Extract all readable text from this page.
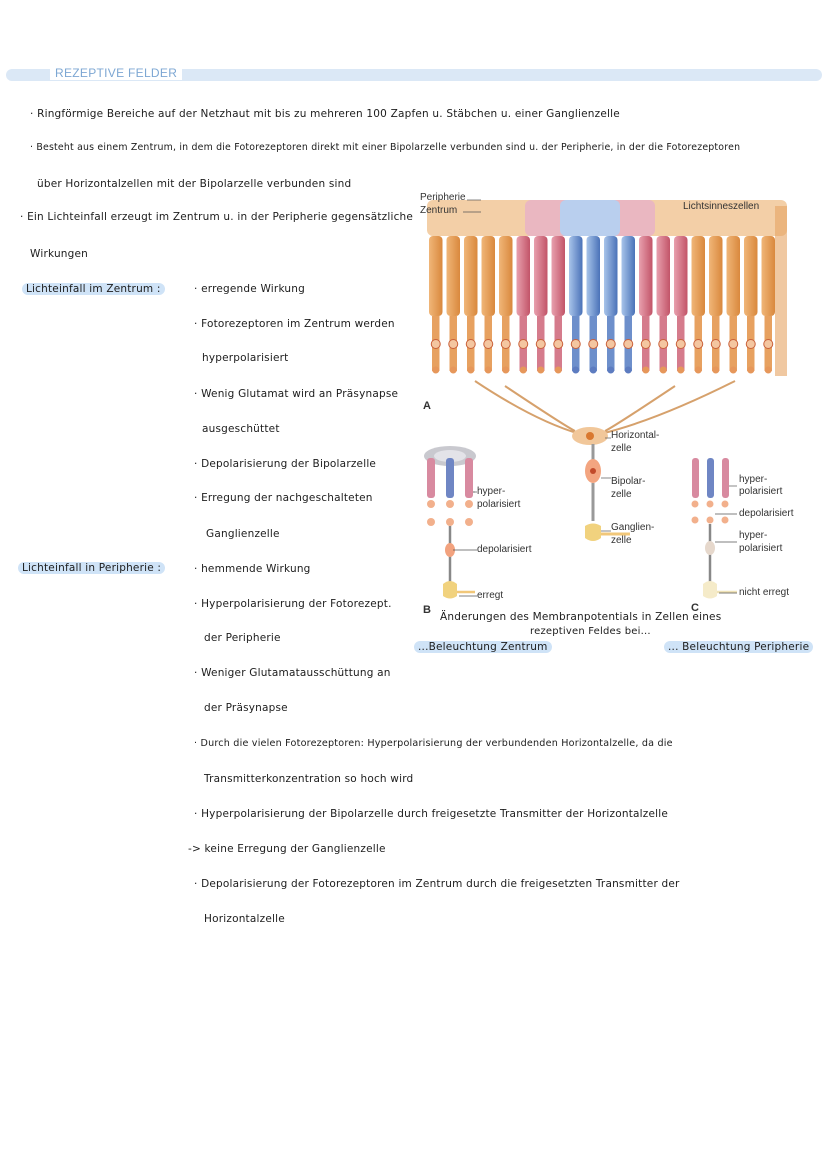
REZEPTIVE FELDER
· Ringförmige Bereiche auf der Netzhaut mit bis zu mehreren 100 Zapfen u. Stäbchen u. einer Ganglienzelle
· Besteht aus einem Zentrum, in dem die Fotorezeptoren direkt mit einer Bipolarzelle verbunden sind u. der Peripherie, in der die Fotorezeptoren
über Horizontalzellen mit der Bipolarzelle verbunden sind
· Ein Lichteinfall erzeugt im Zentrum u. in der Peripherie gegensätzliche
Wirkungen
Lichteinfall im Zentrum :	· erregende Wirkung
· Fotorezeptoren im Zentrum werden
hyperpolarisiert
· Wenig Glutamat wird an Präsynapse
ausgeschüttet
· Depolarisierung der Bipolarzelle
· Erregung der nachgeschalteten
Ganglienzelle
Lichteinfall in Peripherie :	· hemmende Wirkung
· Hyperpolarisierung der Fotorezept.
der Peripherie
· Weniger Glutamatausschüttung an
der Präsynapse
· Durch die vielen Fotorezeptoren: Hyperpolarisierung der verbundenden Horizontalzelle, da die
Transmitterkonzentration so hoch wird
· Hyperpolarisierung der Bipolarzelle durch freigesetzte Transmitter der Horizontalzelle
-> keine Erregung der Ganglienzelle
· Depolarisierung der Fotorezeptoren im Zentrum durch die freigesetzten Transmitter der
Horizontalzelle
Peripherie
Zentrum	Lichtsinneszellen
A
Horizontal-
zelle
Bipolar-
zelle
Ganglien-
zelle
hyper-
polarisiert
depolarisiert
erregt
B
hyper-
polarisiert
depolarisiert
hyper-
polarisiert
nicht erregt
C
Änderungen des Membranpotentials in Zellen eines
rezeptiven Feldes bei...
...Beleuchtung Zentrum	... Beleuchtung Peripherie
